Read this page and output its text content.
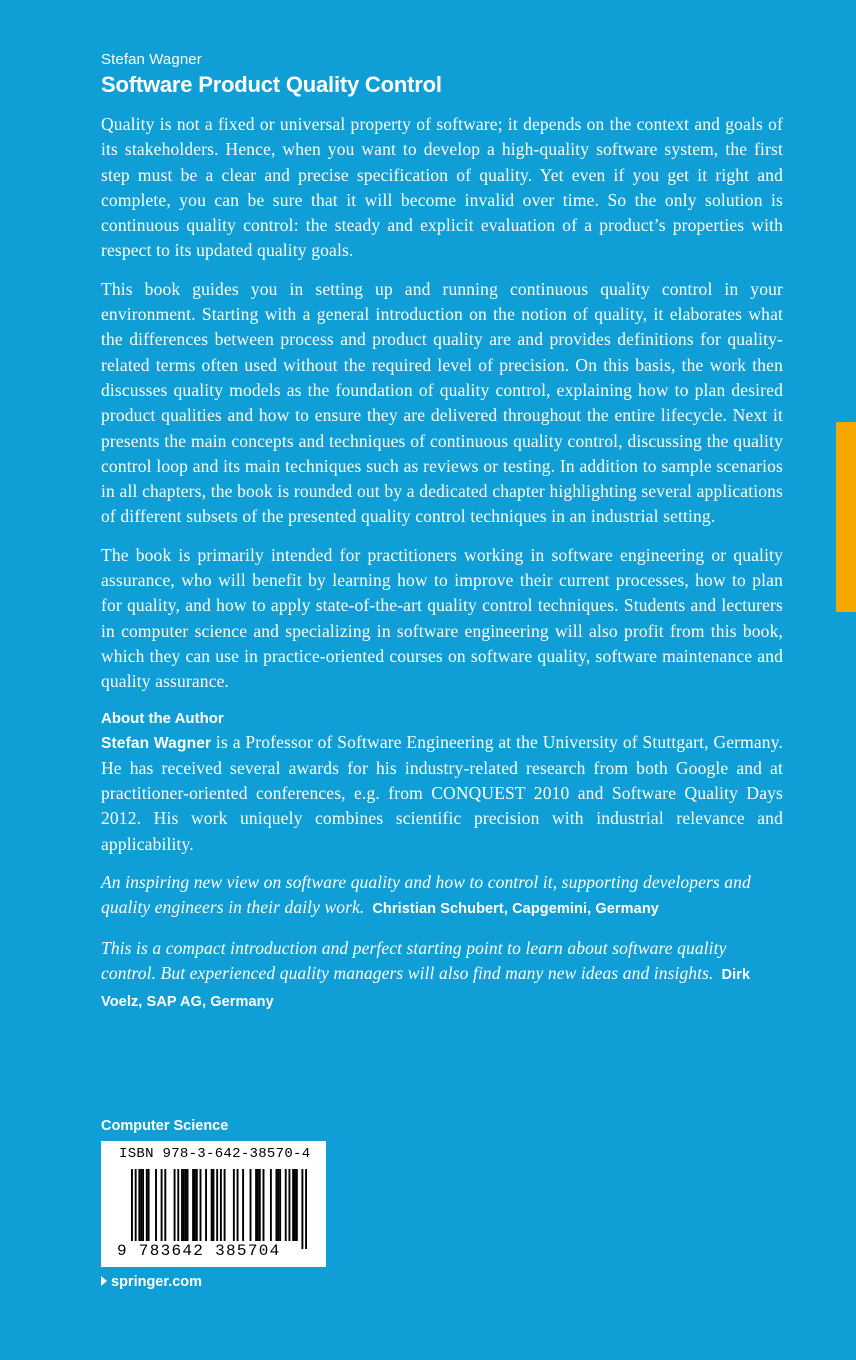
Stefan Wagner

Software Product Quality Control

Quality is not a fixed or universal property of software; it depends on the context and goals of its stakeholders. Hence, when you want to develop a high-quality software system, the first step must be a clear and precise specification of quality. Yet even if you get it right and complete, you can be sure that it will become invalid over time. So the only solution is continuous quality control: the steady and explicit evaluation of a product’s properties with respect to its updated quality goals.

This book guides you in setting up and running continuous quality control in your environment. Starting with a general introduction on the notion of quality, it elaborates what the differences between process and product quality are and provides definitions for quality-related terms often used without the required level of precision. On this basis, the work then discusses quality models as the foundation of quality control, explaining how to plan desired product qualities and how to ensure they are delivered throughout the entire lifecycle. Next it presents the main concepts and techniques of continuous quality control, discussing the quality control loop and its main techniques such as reviews or testing. In addition to sample scenarios in all chapters, the book is rounded out by a dedicated chapter highlighting several applications of different subsets of the presented quality control techniques in an industrial setting.

The book is primarily intended for practitioners working in software engineering or quality assurance, who will benefit by learning how to improve their current processes, how to plan for quality, and how to apply state-of-the-art quality control techniques. Students and lecturers in computer science and specializing in software engineering will also profit from this book, which they can use in practice-oriented courses on software quality, software maintenance and quality assurance.

About the Author

Stefan Wagner is a Professor of Software Engineering at the University of Stuttgart, Germany. He has received several awards for his industry-related research from both Google and at practitioner-oriented conferences, e.g. from CONQUEST 2010 and Software Quality Days 2012. His work uniquely combines scientific precision with industrial relevance and applicability.

An inspiring new view on software quality and how to control it, supporting developers and quality engineers in their daily work. Christian Schubert, Capgemini, Germany

This is a compact introduction and perfect starting point to learn about software quality control. But experienced quality managers will also find many new ideas and insights. Dirk Voelz, SAP AG, Germany

Computer Science
ISBN 978-3-642-38570-4
9 783642 385704
springer.com
